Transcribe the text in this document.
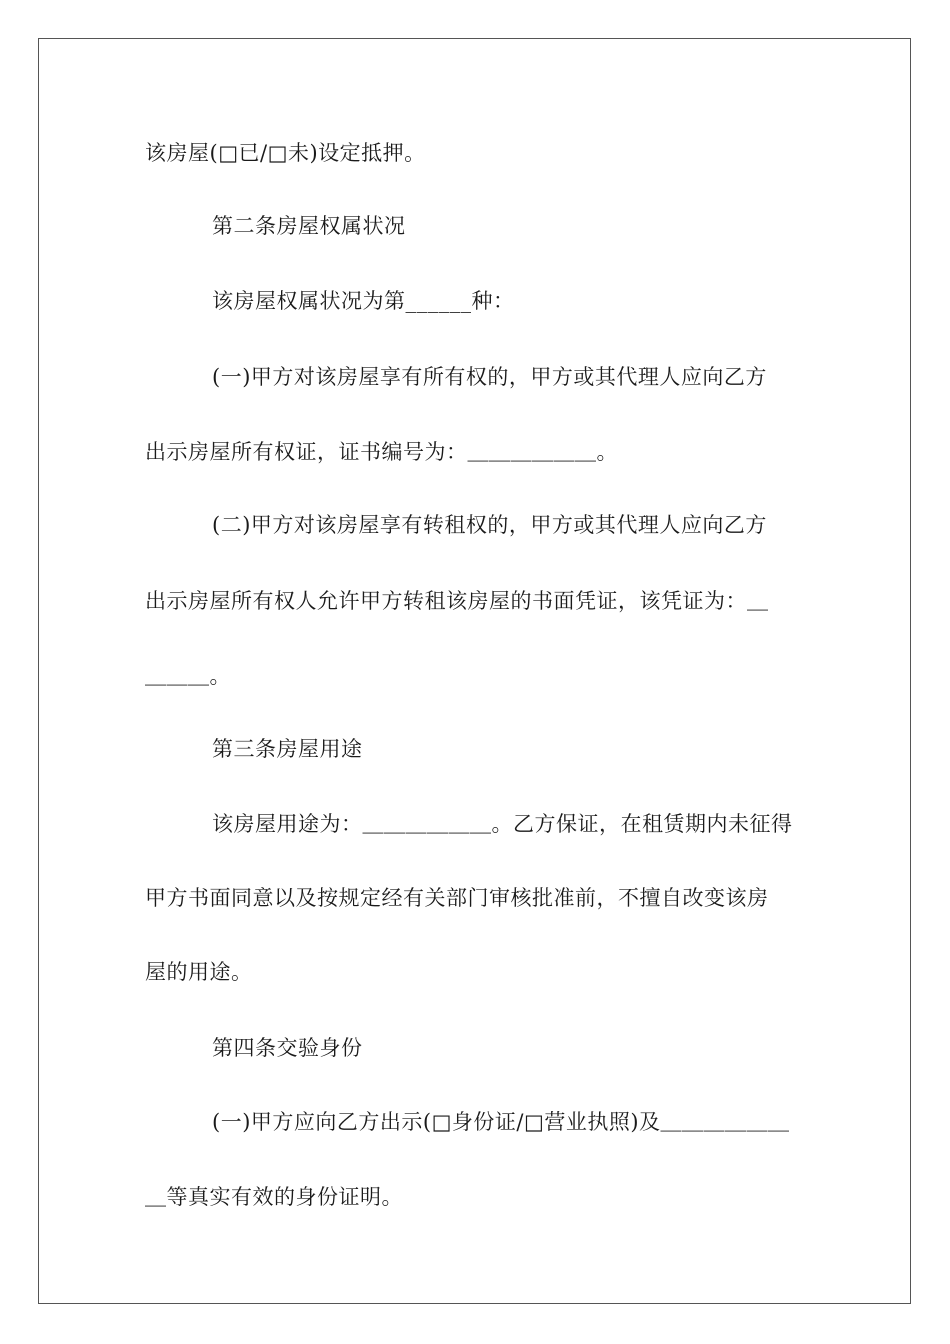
该房屋(□已/□未)设定抵押。
第二条房屋权属状况
该房屋权属状况为第______种：
(一)甲方对该房屋享有所有权的，甲方或其代理人应向乙方
出示房屋所有权证，证书编号为：＿＿＿＿＿＿。
(二)甲方对该房屋享有转租权的，甲方或其代理人应向乙方
出示房屋所有权人允许甲方转租该房屋的书面凭证，该凭证为：＿
＿＿＿。
第三条房屋用途
该房屋用途为：＿＿＿＿＿＿。乙方保证，在租赁期内未征得
甲方书面同意以及按规定经有关部门审核批准前，不擅自改变该房
屋的用途。
第四条交验身份
(一)甲方应向乙方出示(□身份证/□营业执照)及＿＿＿＿＿＿
＿等真实有效的身份证明。
